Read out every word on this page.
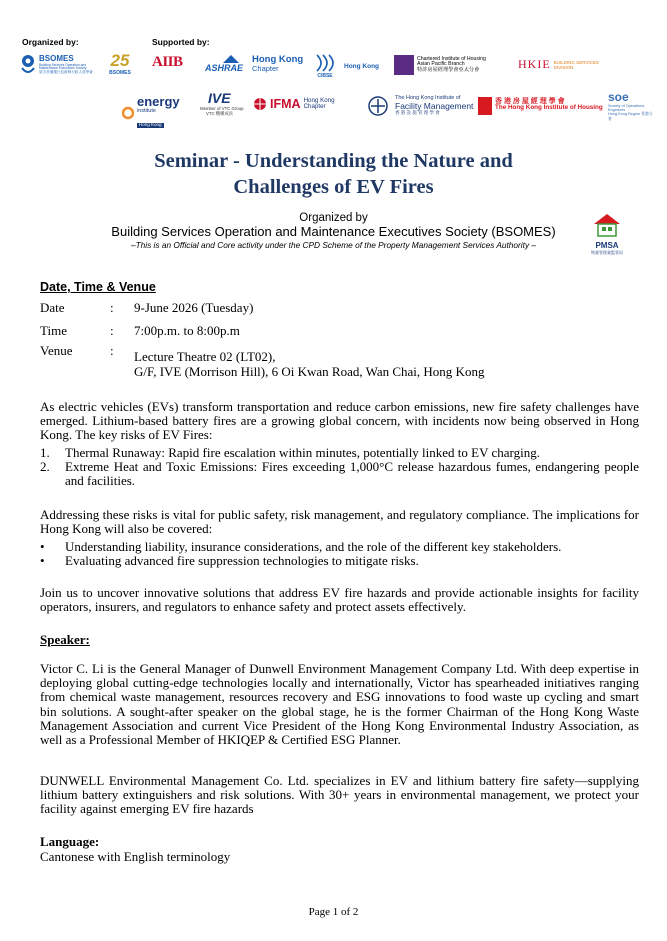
Organized by:	Supported by:
BSOMES
Building Services Operation and Maintenance Executives Society
屋宇設備運行及維修行政人員學會
25
BSOMES
AIIB ASHRAE
Hong Kong
Chapter
CIBSE
Hong Kong
Chartered Institute of Housing
Asian Pacific Branch
特許房屋經理學會亞太分會	HKIE BUILDING SERVICES DIVISION
energy
institute
Hong Kong
IVE
Member of VTC Group
VTC 機構成員
IFMA Hong Kong
Chapter
The Hong Kong Institute of
Facility Management
香 港 設 施 管 理 學 會
香 港 房 屋 經 理 學 會
The Hong Kong Institute of Housing
soe
Society of Operations Engineers
Hong Kong Region 香港分會
Seminar - Understanding the Nature and
Challenges of EV Fires
Organized by
Building Services Operation and Maintenance Executives Society (BSOMES)
–This is an Official and Core activity under the CPD Scheme of the Property Management Services Authority –	PMSA
物業管理業監管局
Date, Time & Venue
Date	: 9-June 2026 (Tuesday)
Time	: 7:00p.m. to 8:00p.m
Venue	: Lecture Theatre 02 (LT02),
G/F, IVE (Morrison Hill), 6 Oi Kwan Road, Wan Chai, Hong Kong

As electric vehicles (EVs) transform transportation and reduce carbon emissions, new fire safety challenges have emerged. Lithium-based battery fires are a growing global concern, with incidents now being observed in Hong Kong. The key risks of EV Fires:

1. Thermal Runaway: Rapid fire escalation within minutes, potentially linked to EV charging.
2. Extreme Heat and Toxic Emissions: Fires exceeding 1,000°C release hazardous fumes, endangering people and facilities.

Addressing these risks is vital for public safety, risk management, and regulatory compliance. The implications for Hong Kong will also be covered:

• Understanding liability, insurance considerations, and the role of the different key stakeholders.
• Evaluating advanced fire suppression technologies to mitigate risks.

Join us to uncover innovative solutions that address EV fire hazards and provide actionable insights for facility operators, insurers, and regulators to enhance safety and protect assets effectively.

Speaker:

Victor C. Li is the General Manager of Dunwell Environment Management Company Ltd. With deep expertise in deploying global cutting-edge technologies locally and internationally, Victor has spearheaded initiatives ranging from chemical waste management, resources recovery and ESG innovations to food waste up cycling and smart bin solutions. A sought-after speaker on the global stage, he is the former Chairman of the Hong Kong Waste Management Association and current Vice President of the Hong Kong Environmental Industry Association, as well as a Professional Member of HKIQEP & Certified ESG Planner.

DUNWELL Environmental Management Co. Ltd. specializes in EV and lithium battery fire safety—supplying lithium battery extinguishers and risk solutions. With 30+ years in environmental management, we protect your facility against emerging EV fire hazards

Language:
Cantonese with English terminology
Page 1 of 2
